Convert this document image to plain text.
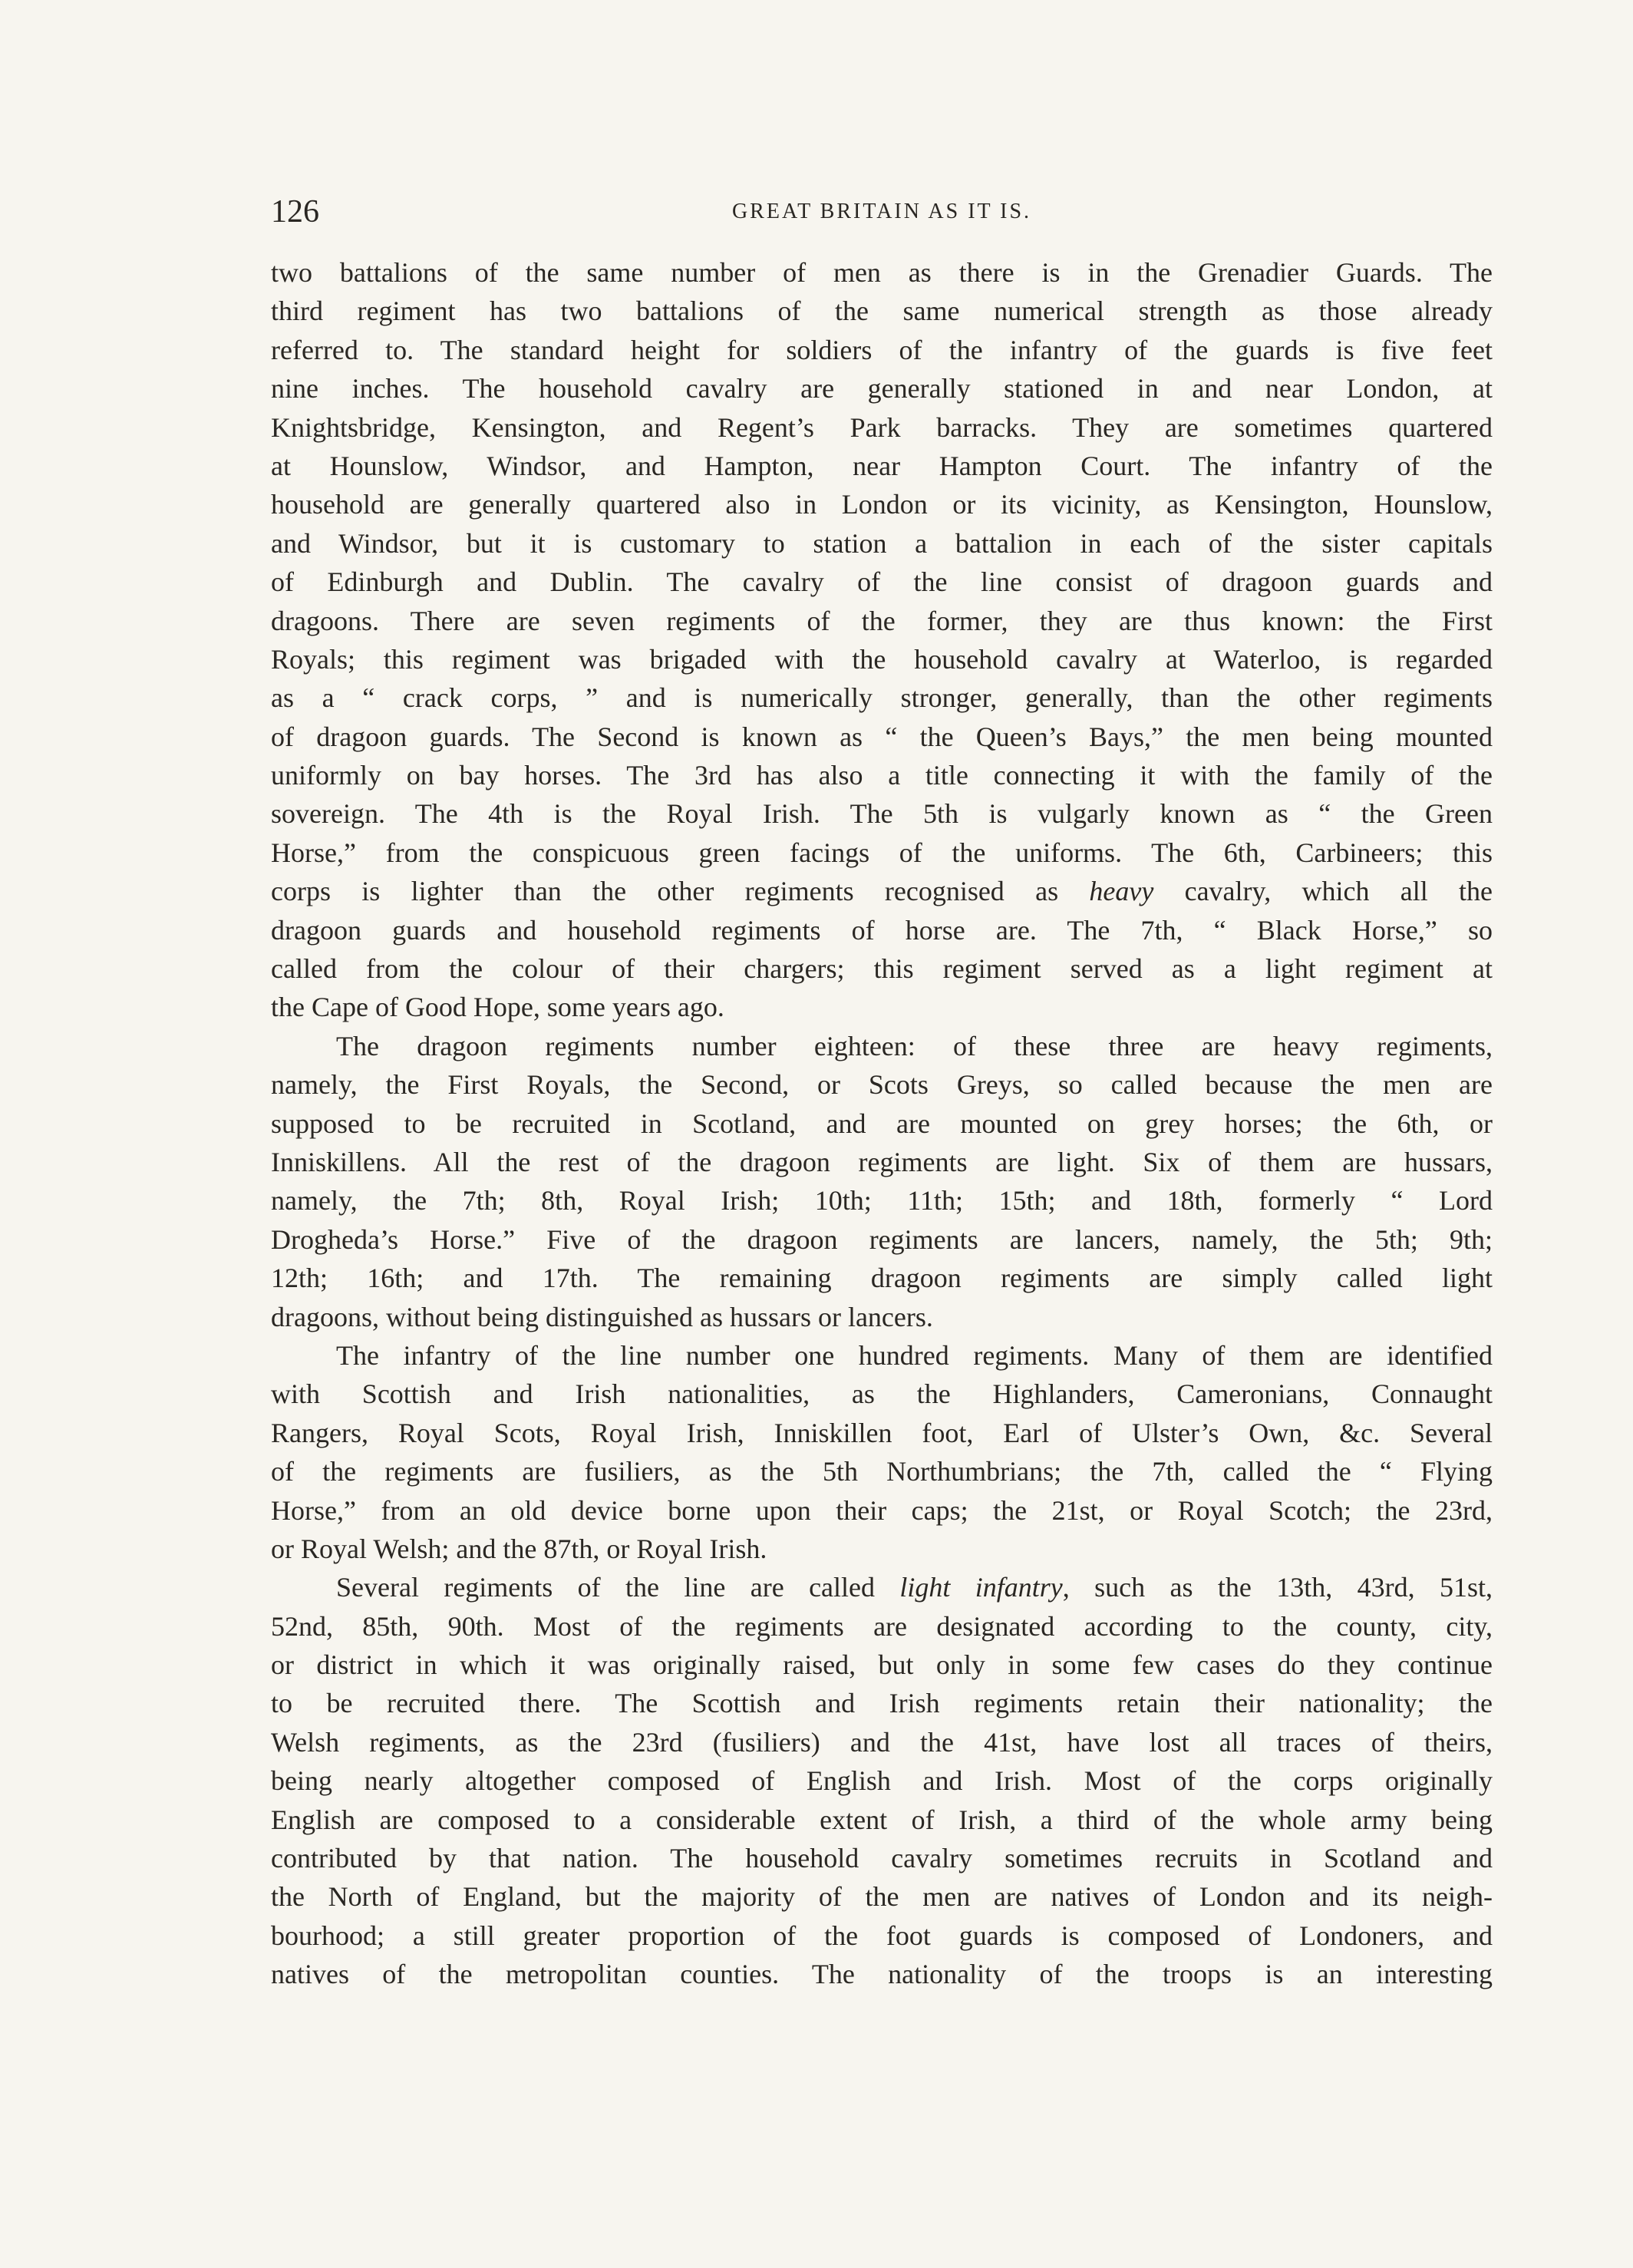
126	GREAT BRITAIN AS IT IS.
two battalions of the same number of men as there is in the Grenadier Guards. The
third regiment has two battalions of the same numerical strength as those already
referred to. The standard height for soldiers of the infantry of the guards is five feet
nine inches. The household cavalry are generally stationed in and near London, at
Knightsbridge, Kensington, and Regent’s Park barracks. They are sometimes quartered
at Hounslow, Windsor, and Hampton, near Hampton Court. The infantry of the
household are generally quartered also in London or its vicinity, as Kensington, Hounslow,
and Windsor, but it is customary to station a battalion in each of the sister capitals
of Edinburgh and Dublin. The cavalry of the line consist of dragoon guards and
dragoons. There are seven regiments of the former, they are thus known: the First
Royals; this regiment was brigaded with the household cavalry at Waterloo, is regarded
as a “ crack corps, ” and is numerically stronger, generally, than the other regiments
of dragoon guards. The Second is known as “ the Queen’s Bays,” the men being mounted
uniformly on bay horses. The 3rd has also a title connecting it with the family of the
sovereign. The 4th is the Royal Irish. The 5th is vulgarly known as “ the Green
Horse,” from the conspicuous green facings of the uniforms. The 6th, Carbineers; this
corps is lighter than the other regiments recognised as heavy cavalry, which all the
dragoon guards and household regiments of horse are. The 7th, “ Black Horse,” so
called from the colour of their chargers; this regiment served as a light regiment at
the Cape of Good Hope, some years ago.
The dragoon regiments number eighteen: of these three are heavy regiments,
namely, the First Royals, the Second, or Scots Greys, so called because the men are
supposed to be recruited in Scotland, and are mounted on grey horses; the 6th, or
Inniskillens. All the rest of the dragoon regiments are light. Six of them are hussars,
namely, the 7th; 8th, Royal Irish; 10th; 11th; 15th; and 18th, formerly “ Lord
Drogheda’s Horse.” Five of the dragoon regiments are lancers, namely, the 5th; 9th;
12th; 16th; and 17th. The remaining dragoon regiments are simply called light
dragoons, without being distinguished as hussars or lancers.
The infantry of the line number one hundred regiments. Many of them are identified
with Scottish and Irish nationalities, as the Highlanders, Cameronians, Connaught
Rangers, Royal Scots, Royal Irish, Inniskillen foot, Earl of Ulster’s Own, &c. Several
of the regiments are fusiliers, as the 5th Northumbrians; the 7th, called the “ Flying
Horse,” from an old device borne upon their caps; the 21st, or Royal Scotch; the 23rd,
or Royal Welsh; and the 87th, or Royal Irish.
Several regiments of the line are called light infantry, such as the 13th, 43rd, 51st,
52nd, 85th, 90th. Most of the regiments are designated according to the county, city,
or district in which it was originally raised, but only in some few cases do they continue
to be recruited there. The Scottish and Irish regiments retain their nationality; the
Welsh regiments, as the 23rd (fusiliers) and the 41st, have lost all traces of theirs,
being nearly altogether composed of English and Irish. Most of the corps originally
English are composed to a considerable extent of Irish, a third of the whole army being
contributed by that nation. The household cavalry sometimes recruits in Scotland and
the North of England, but the majority of the men are natives of London and its neigh-
bourhood; a still greater proportion of the foot guards is composed of Londoners, and
natives of the metropolitan counties. The nationality of the troops is an interesting
